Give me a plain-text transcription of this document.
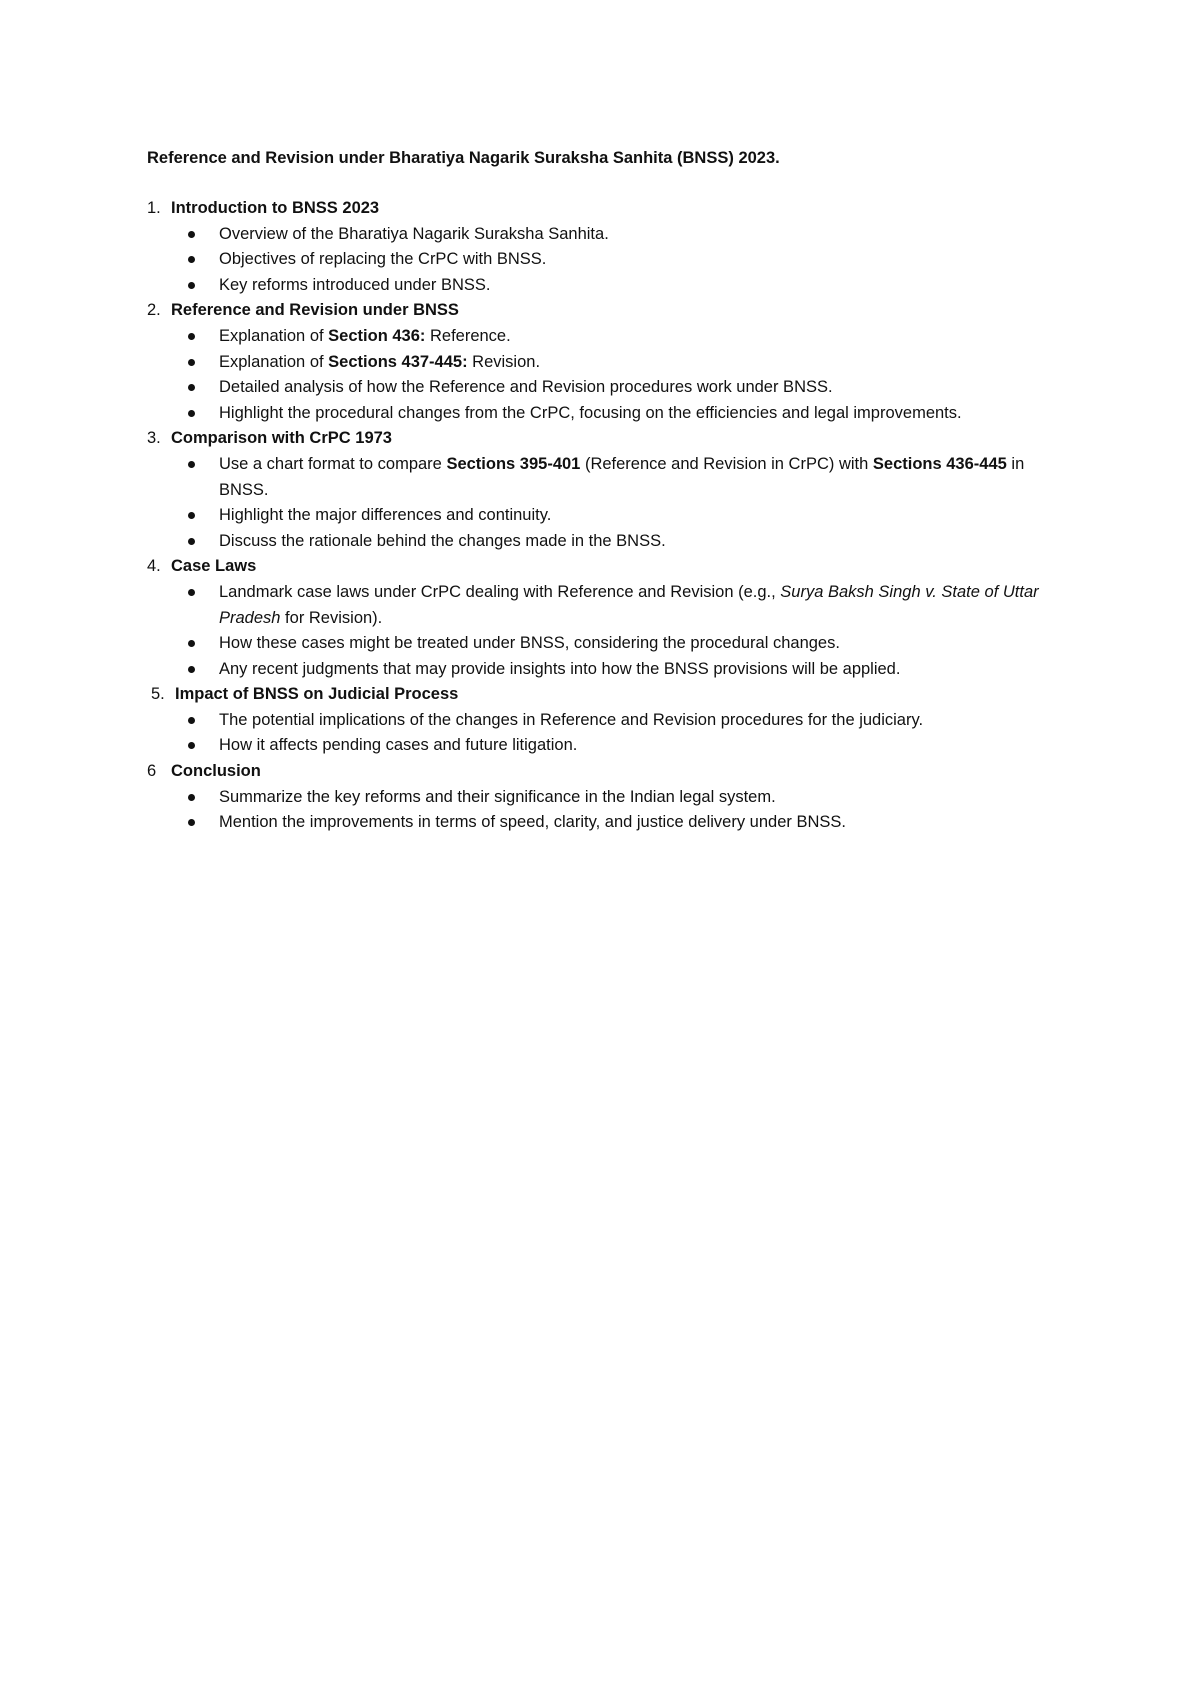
Reference and Revision under Bharatiya Nagarik Suraksha Sanhita (BNSS) 2023.
1. Introduction to BNSS 2023
Overview of the Bharatiya Nagarik Suraksha Sanhita.
Objectives of replacing the CrPC with BNSS.
Key reforms introduced under BNSS.
2. Reference and Revision under BNSS
Explanation of Section 436: Reference.
Explanation of Sections 437-445: Revision.
Detailed analysis of how the Reference and Revision procedures work under BNSS.
Highlight the procedural changes from the CrPC, focusing on the efficiencies and legal improvements.
3. Comparison with CrPC 1973
Use a chart format to compare Sections 395-401 (Reference and Revision in CrPC) with Sections 436-445 in BNSS.
Highlight the major differences and continuity.
Discuss the rationale behind the changes made in the BNSS.
4. Case Laws
Landmark case laws under CrPC dealing with Reference and Revision (e.g., Surya Baksh Singh v. State of Uttar Pradesh for Revision).
How these cases might be treated under BNSS, considering the procedural changes.
Any recent judgments that may provide insights into how the BNSS provisions will be applied.
5. Impact of BNSS on Judicial Process
The potential implications of the changes in Reference and Revision procedures for the judiciary.
How it affects pending cases and future litigation.
6 Conclusion
Summarize the key reforms and their significance in the Indian legal system.
Mention the improvements in terms of speed, clarity, and justice delivery under BNSS.
